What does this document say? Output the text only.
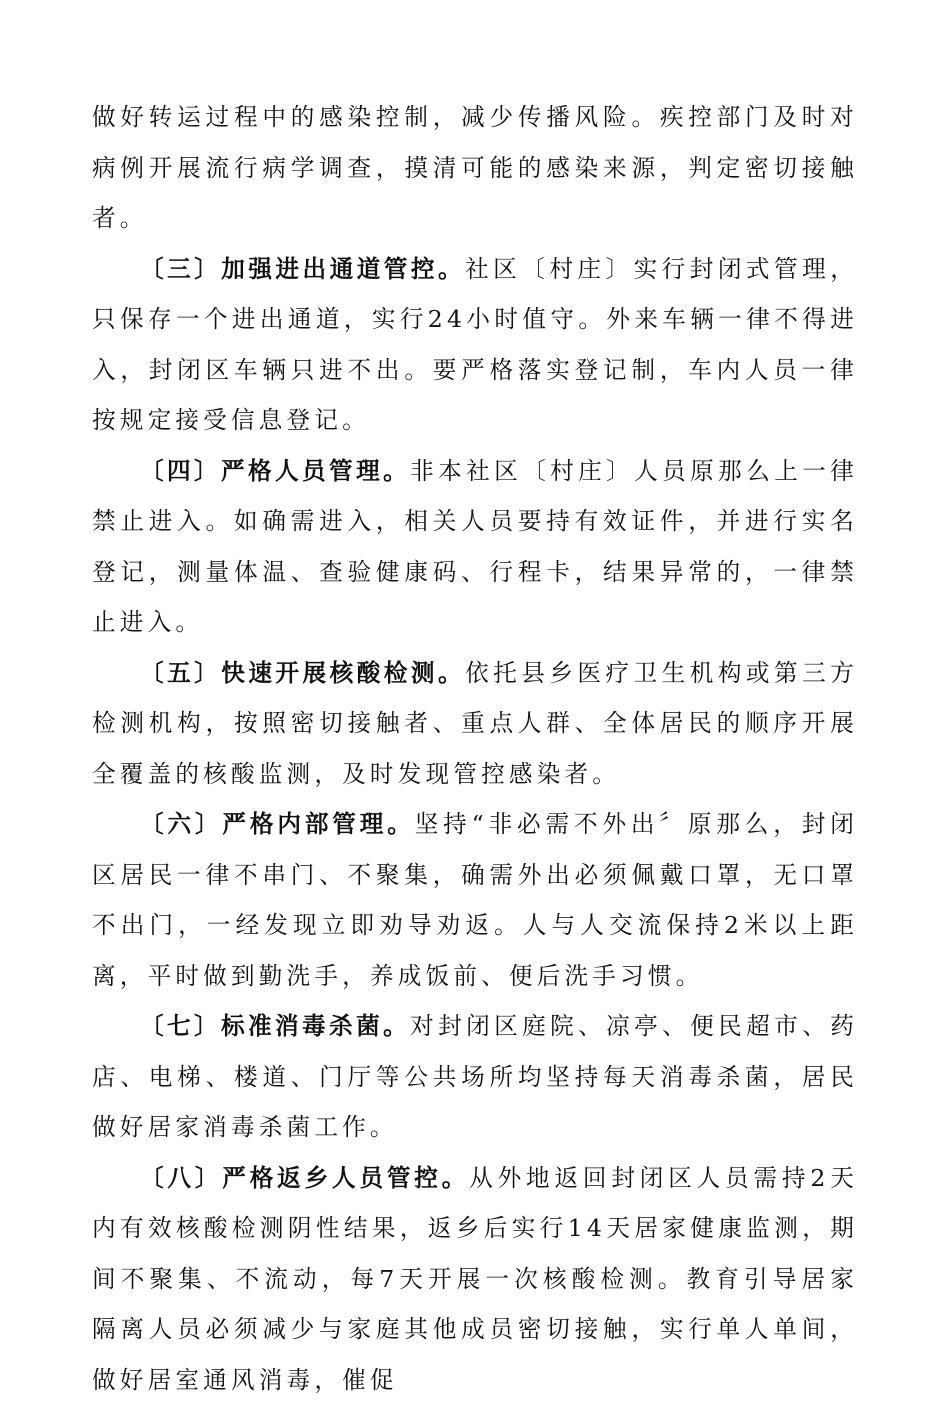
做好转运过程中的感染控制，减少传播风险。疾控部门及时对病例开展流行病学调查，摸清可能的感染来源，判定密切接触者。

〔三〕加强进出通道管控。社区〔村庄〕实行封闭式管理，只保存一个进出通道，实行24小时值守。外来车辆一律不得进入，封闭区车辆只进不出。要严格落实登记制，车内人员一律按规定接受信息登记。

〔四〕严格人员管理。非本社区〔村庄〕人员原那么上一律禁止进入。如确需进入，相关人员要持有效证件，并进行实名登记，测量体温、查验健康码、行程卡，结果异常的，一律禁止进入。

〔五〕快速开展核酸检测。依托县乡医疗卫生机构或第三方检测机构，按照密切接触者、重点人群、全体居民的顺序开展全覆盖的核酸监测，及时发现管控感染者。

〔六〕严格内部管理。坚持“非必需不外出〞原那么，封闭区居民一律不串门、不聚集，确需外出必须佩戴口罩，无口罩不出门，一经发现立即劝导劝返。人与人交流保持2米以上距离，平时做到勤洗手，养成饭前、便后洗手习惯。

〔七〕标准消毒杀菌。对封闭区庭院、凉亭、便民超市、药店、电梯、楼道、门厅等公共场所均坚持每天消毒杀菌，居民做好居家消毒杀菌工作。

〔八〕严格返乡人员管控。从外地返回封闭区人员需持2天内有效核酸检测阴性结果，返乡后实行14天居家健康监测，期间不聚集、不流动，每7天开展一次核酸检测。教育引导居家隔离人员必须减少与家庭其他成员密切接触，实行单人单间，做好居室通风消毒，催促
